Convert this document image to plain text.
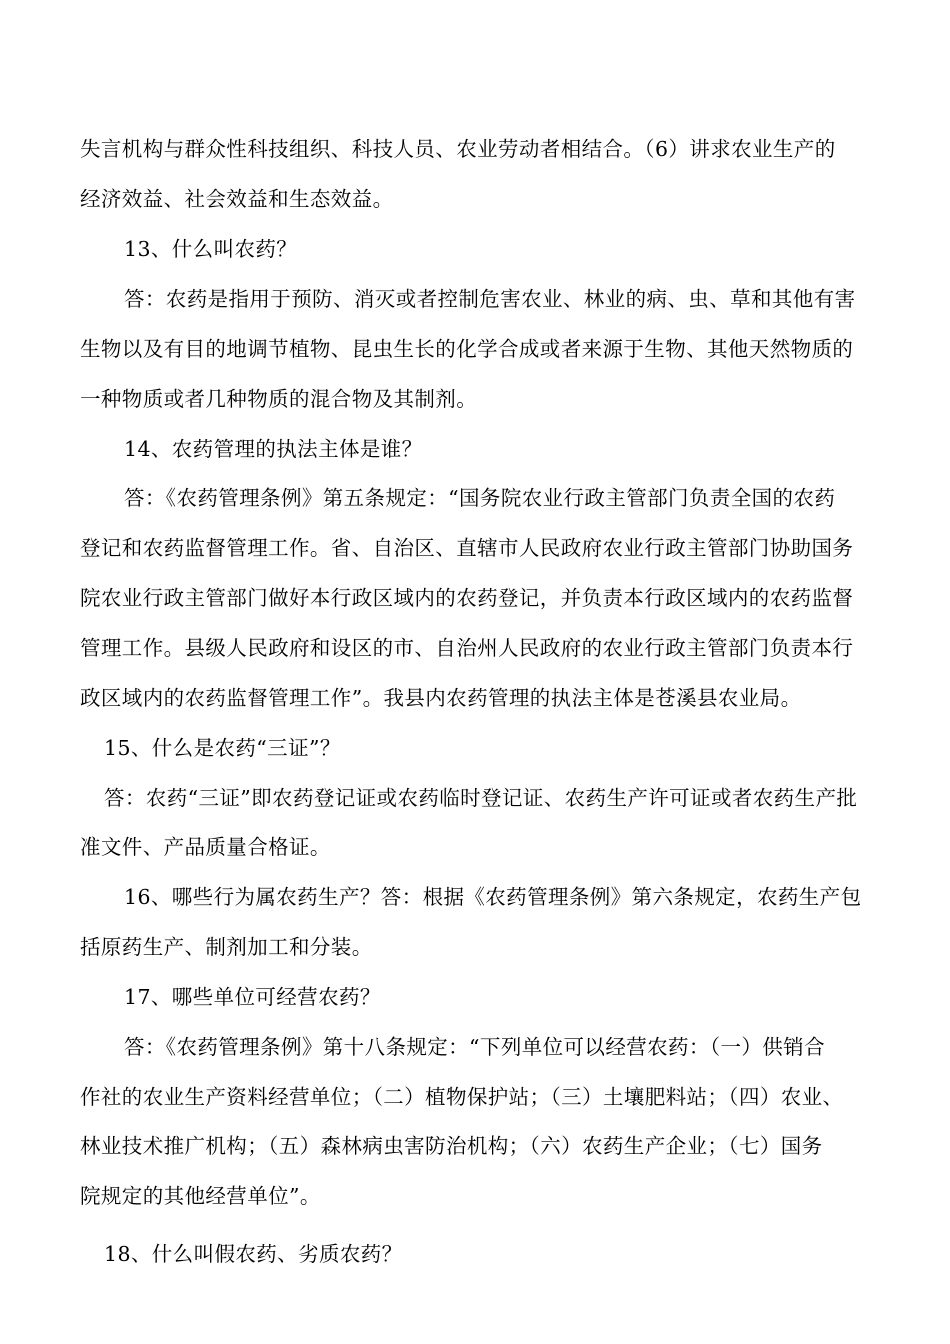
失言机构与群众性科技组织、科技人员、农业劳动者相结合。（6）讲求农业生产的
经济效益、社会效益和生态效益。
13、什么叫农药？
答：农药是指用于预防、消灭或者控制危害农业、林业的病、虫、草和其他有害
生物以及有目的地调节植物、昆虫生长的化学合成或者来源于生物、其他天然物质的
一种物质或者几种物质的混合物及其制剂。
14、农药管理的执法主体是谁？
答：《农药管理条例》第五条规定：“国务院农业行政主管部门负责全国的农药
登记和农药监督管理工作。省、自治区、直辖市人民政府农业行政主管部门协助国务
院农业行政主管部门做好本行政区域内的农药登记，并负责本行政区域内的农药监督
管理工作。县级人民政府和设区的市、自治州人民政府的农业行政主管部门负责本行
政区域内的农药监督管理工作”。我县内农药管理的执法主体是苍溪县农业局。
15、什么是农药“三证”？
答：农药“三证”即农药登记证或农药临时登记证、农药生产许可证或者农药生产批
准文件、产品质量合格证。
16、哪些行为属农药生产？答：根据《农药管理条例》第六条规定，农药生产包
括原药生产、制剂加工和分装。
17、哪些单位可经营农药？
答：《农药管理条例》第十八条规定：“下列单位可以经营农药：（一）供销合
作社的农业生产资料经营单位；（二）植物保护站；（三）土壤肥料站；（四）农业、
林业技术推广机构；（五）森林病虫害防治机构；（六）农药生产企业；（七）国务
院规定的其他经营单位”。
18、什么叫假农药、劣质农药？
